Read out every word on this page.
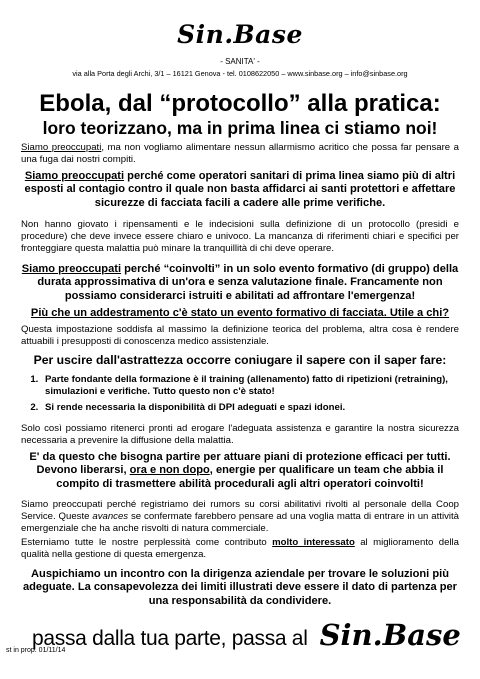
Sin.Base
- SANITA' -
via alla Porta degli Archi, 3/1 – 16121 Genova - tel. 0108622050 – www.sinbase.org – info@sinbase.org
Ebola, dal “protocollo” alla pratica:
loro teorizzano, ma in prima linea ci stiamo noi!
Siamo preoccupati, ma non vogliamo alimentare nessun allarmismo acritico che possa far pensare a una fuga dai nostri compiti.
Siamo preoccupati perché come operatori sanitari di prima linea siamo più di altri esposti al contagio contro il quale non basta affidarci ai santi protettori e affettare sicurezze di facciata facili a cadere alle prime verifiche.
Non hanno giovato i ripensamenti e le indecisioni sulla definizione di un protocollo (presidi e procedure) che deve invece essere chiaro e univoco. La mancanza di riferimenti chiari e specifici per fronteggiare questa malattia può minare la tranquillità di chi deve operare.
Siamo preoccupati perché “coinvolti” in un solo evento formativo (di gruppo) della durata approssimativa di un'ora e senza valutazione finale. Francamente non possiamo considerarci istruiti e abilitati ad affrontare l'emergenza!
Più che un addestramento c'è stato un evento formativo di facciata. Utile a chi?
Questa impostazione soddisfa al massimo la definizione teorica del problema, altra cosa è rendere attuabili i presupposti di conoscenza medico assistenziale.
Per uscire dall'astrattezza occorre coniugare il sapere con il saper fare:
1. Parte fondante della formazione è il training (allenamento) fatto di ripetizioni (retraining), simulazioni e verifiche. Tutto questo non c'è stato!
2. Si rende necessaria la disponibilità di DPI adeguati e spazi idonei.
Solo così possiamo ritenerci pronti ad erogare l'adeguata assistenza e garantire la nostra sicurezza necessaria a prevenire la diffusione della malattia.
E' da questo che bisogna partire per attuare piani di protezione efficaci per tutti. Devono liberarsi, ora e non dopo, energie per qualificare un team che abbia il compito di trasmettere abilità procedurali agli altri operatori coinvolti!
Siamo preoccupati perché registriamo dei rumors su corsi abilitativi rivolti al personale della Coop Service. Queste avances se confermate farebbero pensare ad una voglia matta di entrare in un attività emergenziale che ha anche risvolti di natura commerciale.
Esterniamo tutte le nostre perplessità come contributo molto interessato al miglioramento della qualità nella gestione di questa emergenza.
Auspichiamo un incontro con la dirigenza aziendale per trovare le soluzioni più adeguate. La consapevolezza dei limiti illustrati deve essere il dato di partenza per una responsabilità da condividere.
passa dalla tua parte, passa al Sin.Base
st in prop. 01/11/14
